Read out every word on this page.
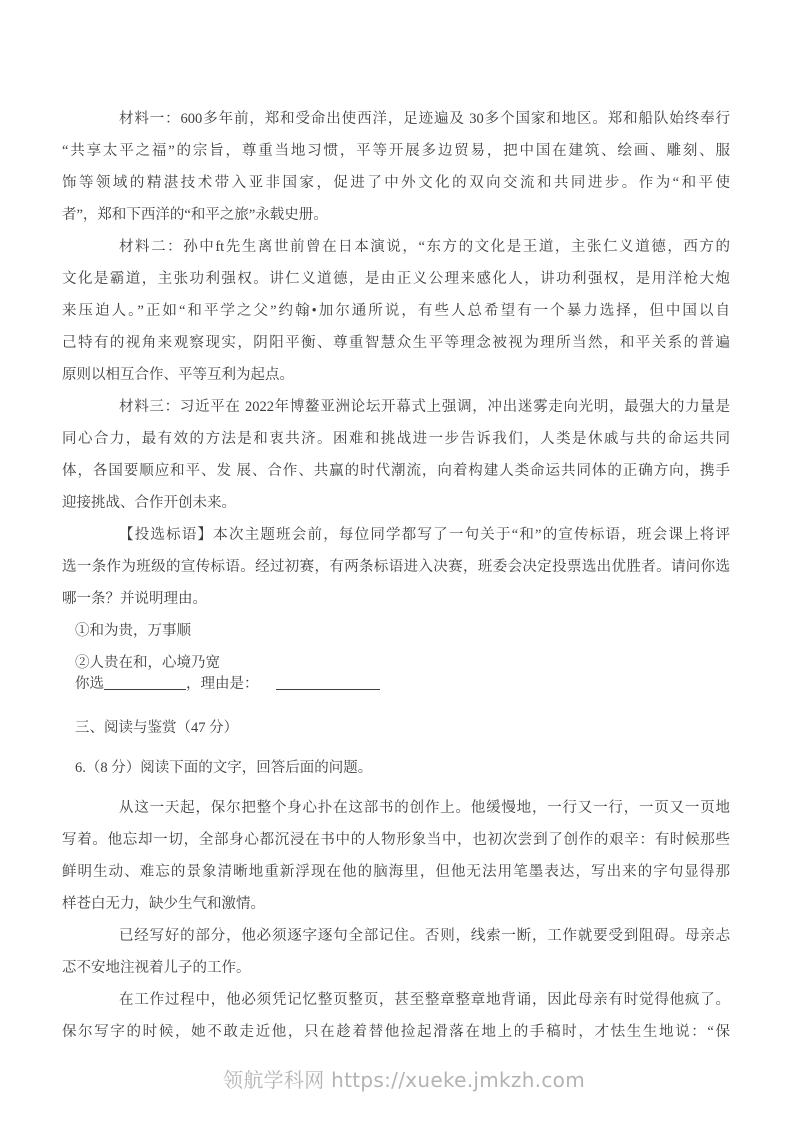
材料一：600多年前，郑和受命出使西洋，足迹遍及 30多个国家和地区。郑和船队始终奉行
“共享太平之福”的宗旨，尊重当地习惯，平等开展多边贸易，把中国在建筑、绘画、雕刻、服
饰等领域的精湛技术带入亚非国家，促进了中外文化的双向交流和共同进步。作为“和平使
者”，郑和下西洋的“和平之旅”永载史册。
材料二：孙中ft先生离世前曾在日本演说，“东方的文化是王道，主张仁义道德，西方的
文化是霸道，主张功利强权。讲仁义道德，是由正义公理来感化人，讲功利强权，是用洋枪大炮
来压迫人。”正如“和平学之父”约翰•加尔通所说，有些人总希望有一个暴力选择，但中国以自
己特有的视角来观察现实，阴阳平衡、尊重智慧众生平等理念被视为理所当然，和平关系的普遍
原则以相互合作、平等互利为起点。
材料三：习近平在 2022年博鳌亚洲论坛开幕式上强调，冲出迷雾走向光明，最强大的力量是
同心合力，最有效的方法是和衷共济。困难和挑战进一步告诉我们，人类是休戚与共的命运共同
体，各国要顺应和平、发 展、合作、共赢的时代潮流，向着构建人类命运共同体的正确方向，携手
迎接挑战、合作开创未来。
【投选标语】本次主题班会前，每位同学都写了一句关于“和”的宣传标语，班会课上将评
选一条作为班级的宣传标语。经过初赛，有两条标语进入决赛，班委会决定投票选出优胜者。请问你选
哪一条？并说明理由。
①和为贵，万事顺
②人贵在和，心境乃宽
你选	，理由是：
三、阅读与鉴赏（47 分）
6.（8 分）阅读下面的文字，回答后面的问题。
从这一天起，保尔把整个身心扑在这部书的创作上。他缓慢地，一行又一行，一页又一页地
写着。他忘却一切，全部身心都沉浸在书中的人物形象当中，也初次尝到了创作的艰辛：有时候那些
鲜明生动、难忘的景象清晰地重新浮现在他的脑海里，但他无法用笔墨表达，写出来的字句显得那
样苍白无力，缺少生气和激情。
已经写好的部分，他必须逐字逐句全部记住。否则，线索一断，工作就要受到阻碍。母亲忐
忑不安地注视着儿子的工作。
在工作过程中，他必须凭记忆整页整页，甚至整章整章地背诵，因此母亲有时觉得他疯了。
保尔写字的时候，她不敢走近他，只在趁着替他捡起滑落在地上的手稿时，才怯生生地说：“保
领航学科网 https://xueke.jmkzh.com
